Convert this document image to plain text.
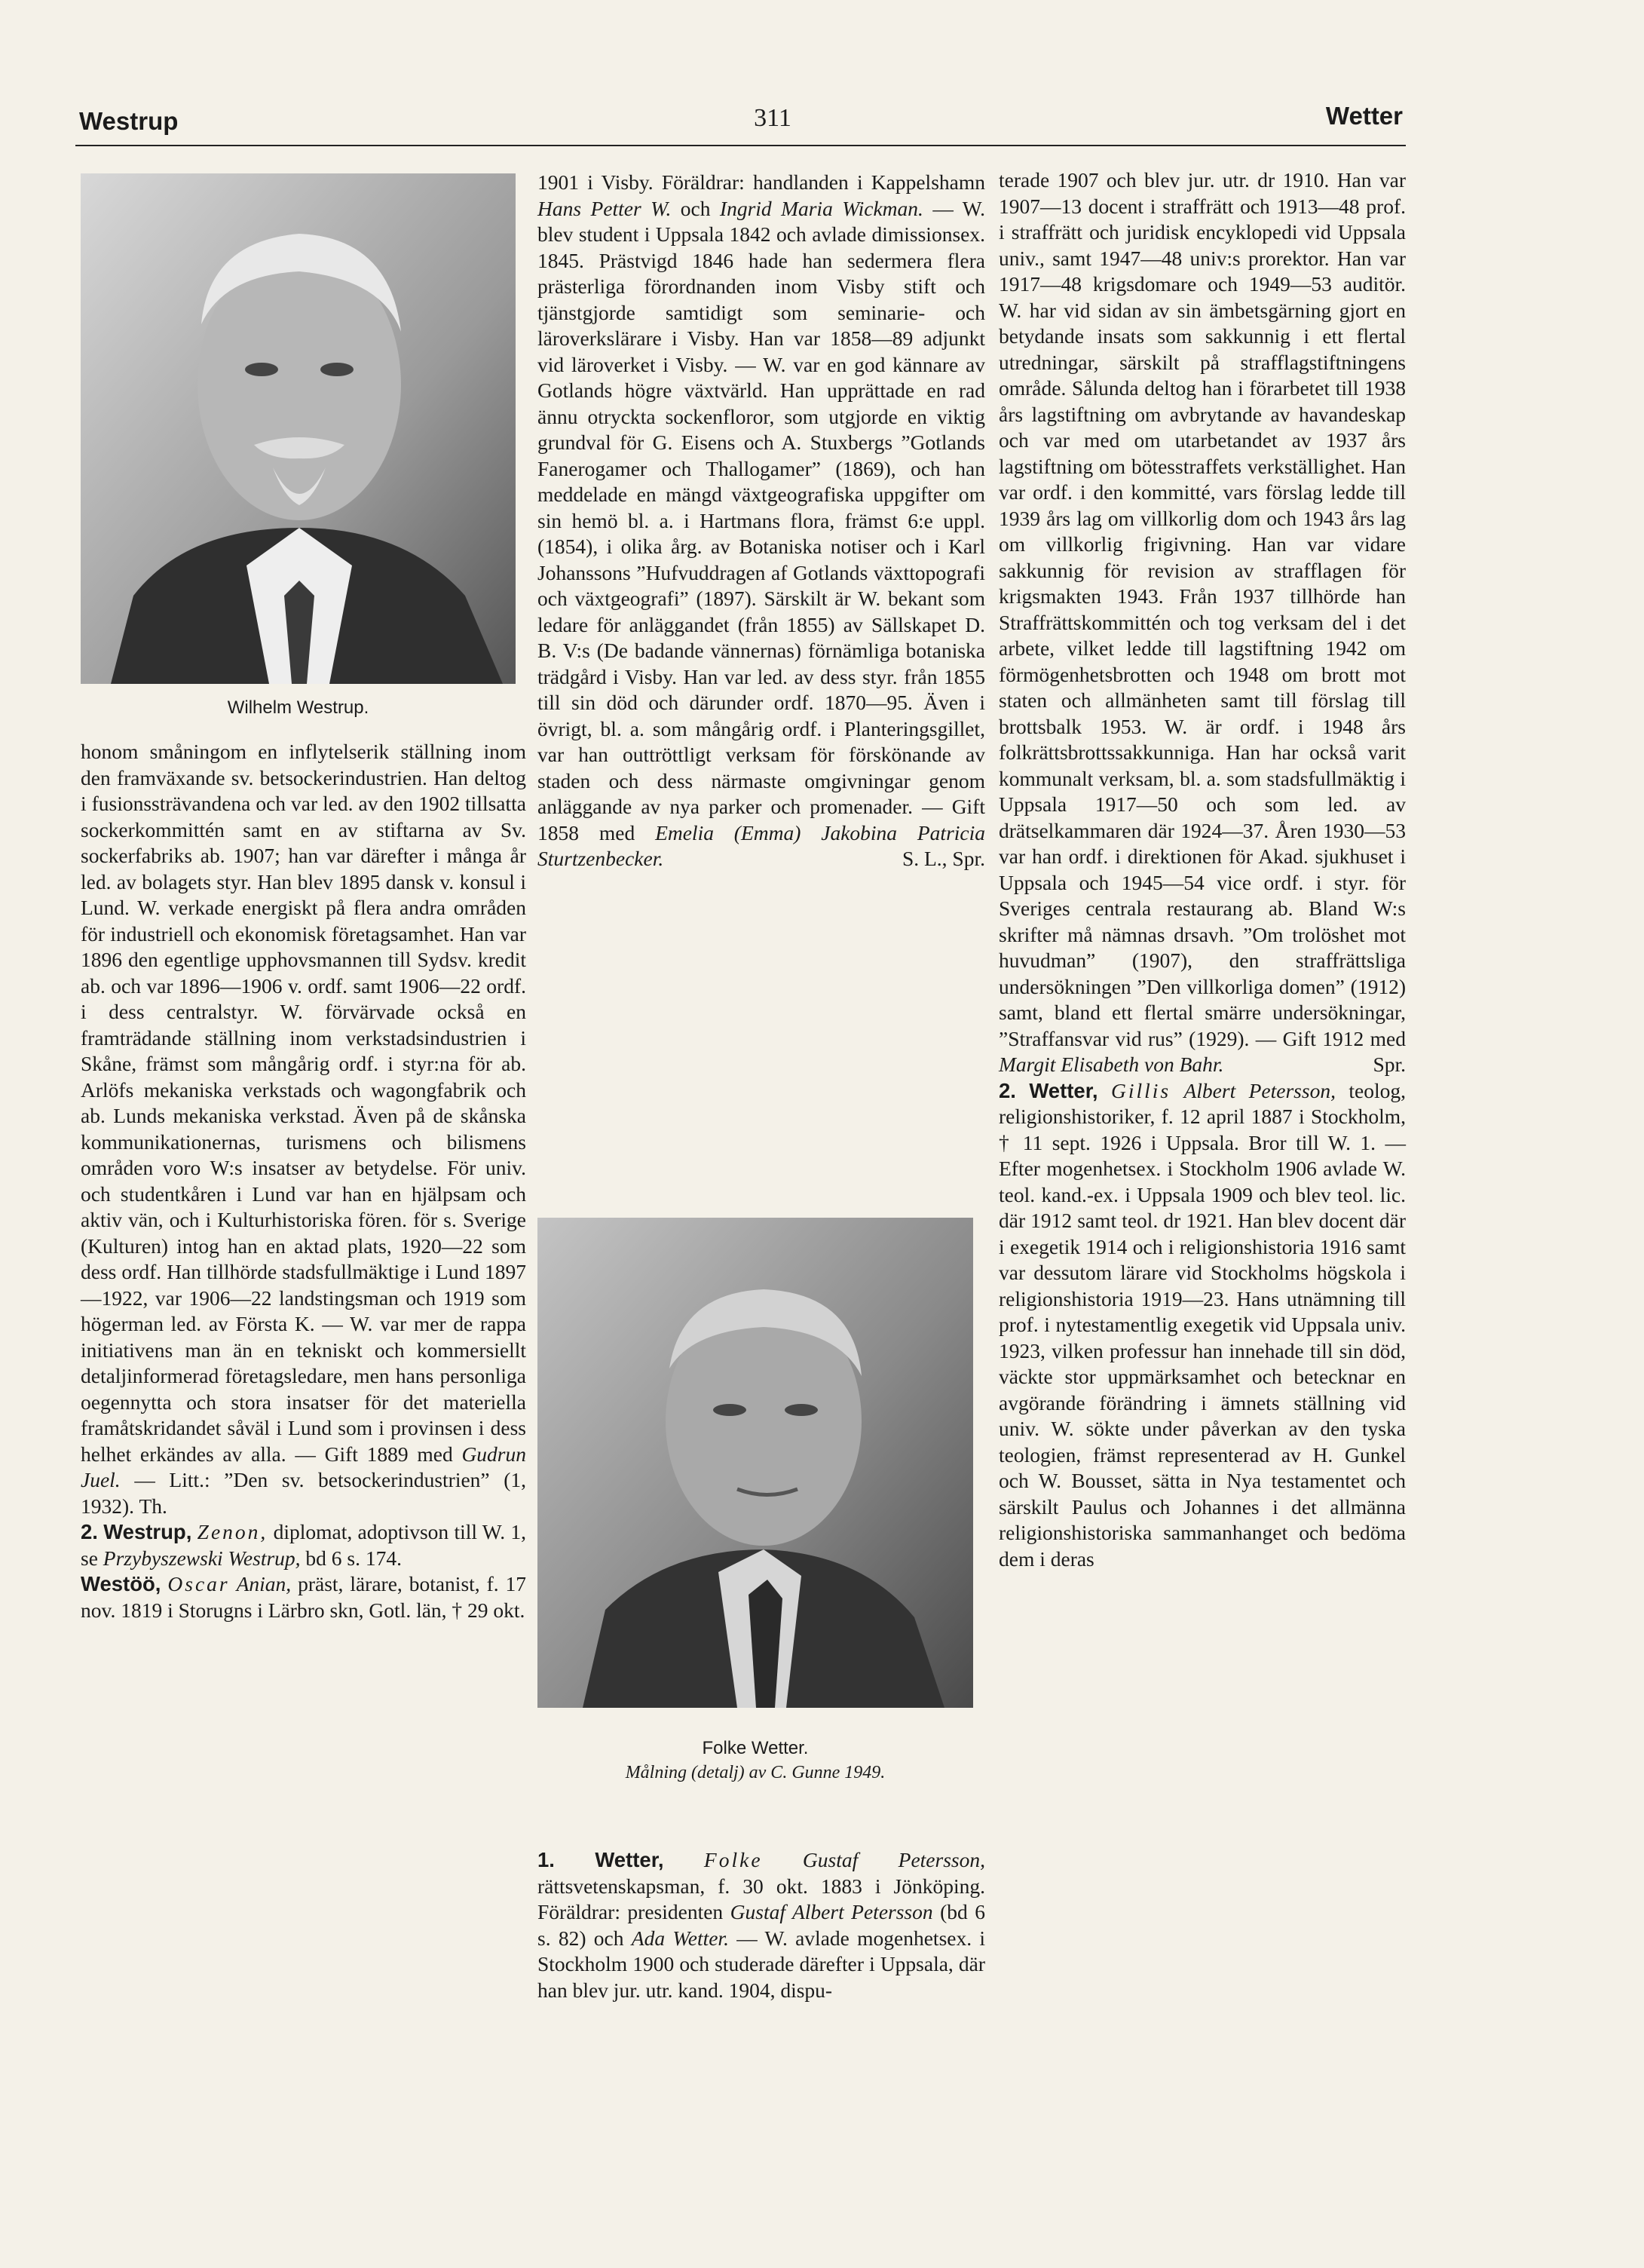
Westrup	311	Wetter
Wilhelm Westrup.

honom småningom en inflytelserik ställning inom den framväxande sv. betsockerindustrien. Han deltog i fusionssträvandena och var led. av den 1902 tillsatta sockerkommittén samt en av stiftarna av Sv. sockerfabriks ab. 1907; han var därefter i många år led. av bolagets styr. Han blev 1895 dansk v. konsul i Lund. W. verkade energiskt på flera andra områden för industriell och ekonomisk företagsamhet. Han var 1896 den egentlige upphovsmannen till Sydsv. kredit ab. och var 1896—1906 v. ordf. samt 1906—22 ordf. i dess centralstyr. W. förvärvade också en framträdande ställning inom verkstadsindustrien i Skåne, främst som mångårig ordf. i styr:na för ab. Arlöfs mekaniska verkstads och wagongfabrik och ab. Lunds mekaniska verkstad. Även på de skånska kommunikationernas, turismens och bilismens områden voro W:s insatser av betydelse. För univ. och studentkåren i Lund var han en hjälpsam och aktiv vän, och i Kulturhistoriska fören. för s. Sverige (Kulturen) intog han en aktad plats, 1920—22 som dess ordf. Han tillhörde stadsfullmäktige i Lund 1897—1922, var 1906—22 landstingsman och 1919 som högerman led. av Första K. — W. var mer de rappa initiativens man än en tekniskt och kommersiellt detaljinformerad företagsledare, men hans personliga oegennytta och stora insatser för det materiella framåtskridandet såväl i Lund som i provinsen i dess helhet erkändes av alla. — Gift 1889 med Gudrun Juel. — Litt.: ”Den sv. betsockerindustrien” (1, 1932). Th.

2. Westrup, Zenon, diplomat, adoptivson till W. 1, se Przybyszewski Westrup, bd 6 s. 174.

Westöö, Oscar Anian, präst, lärare, botanist, f. 17 nov. 1819 i Storugns i Lärbro skn, Gotl. län, † 29 okt.

1901 i Visby. Föräldrar: handlanden i Kappelshamn Hans Petter W. och Ingrid Maria Wickman. — W. blev student i Uppsala 1842 och avlade dimissionsex. 1845. Prästvigd 1846 hade han sedermera flera prästerliga förordnanden inom Visby stift och tjänstgjorde samtidigt som seminarie- och läroverkslärare i Visby. Han var 1858—89 adjunkt vid läroverket i Visby. — W. var en god kännare av Gotlands högre växtvärld. Han upprättade en rad ännu otryckta sockenfloror, som utgjorde en viktig grundval för G. Eisens och A. Stuxbergs ”Gotlands Fanerogamer och Thallogamer” (1869), och han meddelade en mängd växtgeografiska uppgifter om sin hemö bl. a. i Hartmans flora, främst 6:e uppl. (1854), i olika årg. av Botaniska notiser och i Karl Johanssons ”Hufvuddragen af Gotlands växttopografi och växtgeografi” (1897). Särskilt är W. bekant som ledare för anläggandet (från 1855) av Sällskapet D. B. V:s (De badande vännernas) förnämliga botaniska trädgård i Visby. Han var led. av dess styr. från 1855 till sin död och därunder ordf. 1870—95. Även i övrigt, bl. a. som mångårig ordf. i Planteringsgillet, var han outtröttligt verksam för förskönande av staden och dess närmaste omgivningar genom anläggande av nya parker och promenader. — Gift 1858 med Emelia (Emma) Jakobina Patricia Sturtzenbecker.	S. L., Spr.

Folke Wetter.
Målning (detalj) av C. Gunne 1949.

1. Wetter, Folke Gustaf Petersson, rättsvetenskapsman, f. 30 okt. 1883 i Jönköping. Föräldrar: presidenten Gustaf Albert Petersson (bd 6 s. 82) och Ada Wetter. — W. avlade mogenhetsex. i Stockholm 1900 och studerade därefter i Uppsala, där han blev jur. utr. kand. 1904, dispu-

terade 1907 och blev jur. utr. dr 1910. Han var 1907—13 docent i straffrätt och 1913—48 prof. i straffrätt och juridisk encyklopedi vid Uppsala univ., samt 1947—48 univ:s prorektor. Han var 1917—48 krigsdomare och 1949—53 auditör. W. har vid sidan av sin ämbetsgärning gjort en betydande insats som sakkunnig i ett flertal utredningar, särskilt på strafflagstiftningens område. Sålunda deltog han i förarbetet till 1938 års lagstiftning om avbrytande av havandeskap och var med om utarbetandet av 1937 års lagstiftning om bötesstraffets verkställighet. Han var ordf. i den kommitté, vars förslag ledde till 1939 års lag om villkorlig dom och 1943 års lag om villkorlig frigivning. Han var vidare sakkunnig för revision av strafflagen för krigsmakten 1943. Från 1937 tillhörde han Straffrättskommittén och tog verksam del i det arbete, vilket ledde till lagstiftning 1942 om förmögenhetsbrotten och 1948 om brott mot staten och allmänheten samt till förslag till brottsbalk 1953. W. är ordf. i 1948 års folkrättsbrottssakkunniga. Han har också varit kommunalt verksam, bl. a. som stadsfullmäktig i Uppsala 1917—50 och som led. av drätselkammaren där 1924—37. Åren 1930—53 var han ordf. i direktionen för Akad. sjukhuset i Uppsala och 1945—54 vice ordf. i styr. för Sveriges centrala restaurang ab. Bland W:s skrifter må nämnas drsavh. ”Om trolöshet mot huvudman” (1907), den straffrättsliga undersökningen ”Den villkorliga domen” (1912) samt, bland ett flertal smärre undersökningar, ”Straffansvar vid rus” (1929). — Gift 1912 med Margit Elisabeth von Bahr.	Spr.

2. Wetter, Gillis Albert Petersson, teolog, religionshistoriker, f. 12 april 1887 i Stockholm, † 11 sept. 1926 i Uppsala. Bror till W. 1. — Efter mogenhetsex. i Stockholm 1906 avlade W. teol. kand.-ex. i Uppsala 1909 och blev teol. lic. där 1912 samt teol. dr 1921. Han blev docent där i exegetik 1914 och i religionshistoria 1916 samt var dessutom lärare vid Stockholms högskola i religionshistoria 1919—23. Hans utnämning till prof. i nytestamentlig exegetik vid Uppsala univ. 1923, vilken professur han innehade till sin död, väckte stor uppmärksamhet och betecknar en avgörande förändring i ämnets ställning vid univ. W. sökte under påverkan av den tyska teologien, främst representerad av H. Gunkel och W. Bousset, sätta in Nya testamentet och särskilt Paulus och Johannes i det allmänna religionshistoriska sammanhanget och bedöma dem i deras
